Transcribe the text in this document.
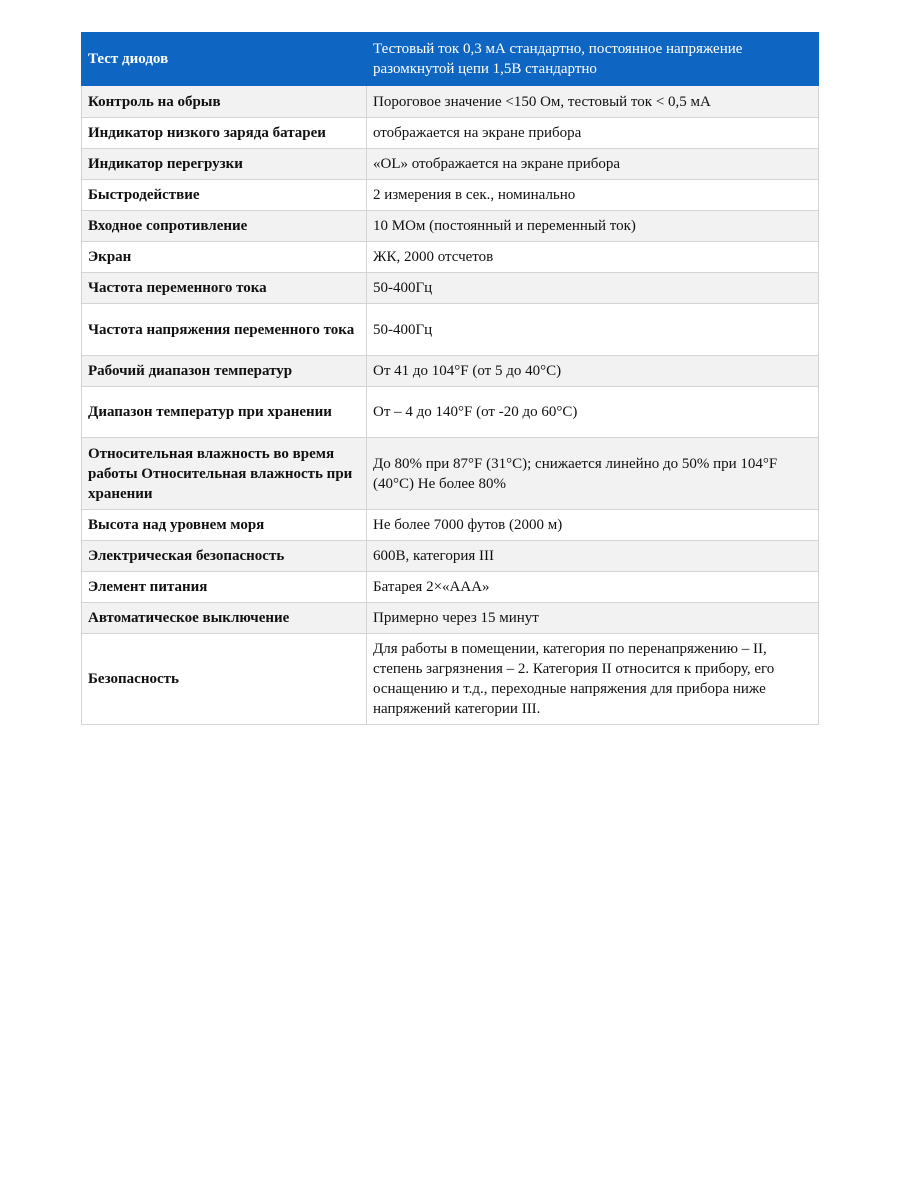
Тест диодов	Тестовый ток 0,3 мА стандартно, постоянное напряжение разомкнутой цепи 1,5В стандартно
Контроль на обрыв	Пороговое значение <150 Ом, тестовый ток < 0,5 мА
Индикатор низкого заряда батареи	отображается на экране прибора
Индикатор перегрузки	«OL» отображается на экране прибора
Быстродействие	2 измерения в сек., номинально
Входное сопротивление	10 МОм (постоянный и переменный ток)
Экран	ЖК, 2000 отсчетов
Частота переменного тока	50-400Гц
Частота напряжения переменного тока	50-400Гц
Рабочий диапазон температур	От 41 до 104°F (от 5 до 40°C)
Диапазон температур при хранении	От – 4 до 140°F (от -20 до 60°C)
Относительная влажность во время работы Относительная влажность при хранении	До 80% при 87°F (31°C); снижается линейно до 50% при 104°F (40°C) Не более 80%
Высота над уровнем моря	Не более 7000 футов (2000 м)
Электрическая безопасность	600В, категория III
Элемент питания	Батарея 2×«AAA»
Автоматическое выключение	Примерно через 15 минут
Безопасность	Для работы в помещении, категория по перенапряжению – II, степень загрязнения – 2. Категория II относится к прибору, его оснащению и т.д., переходные напряжения для прибора ниже напряжений категории III.
